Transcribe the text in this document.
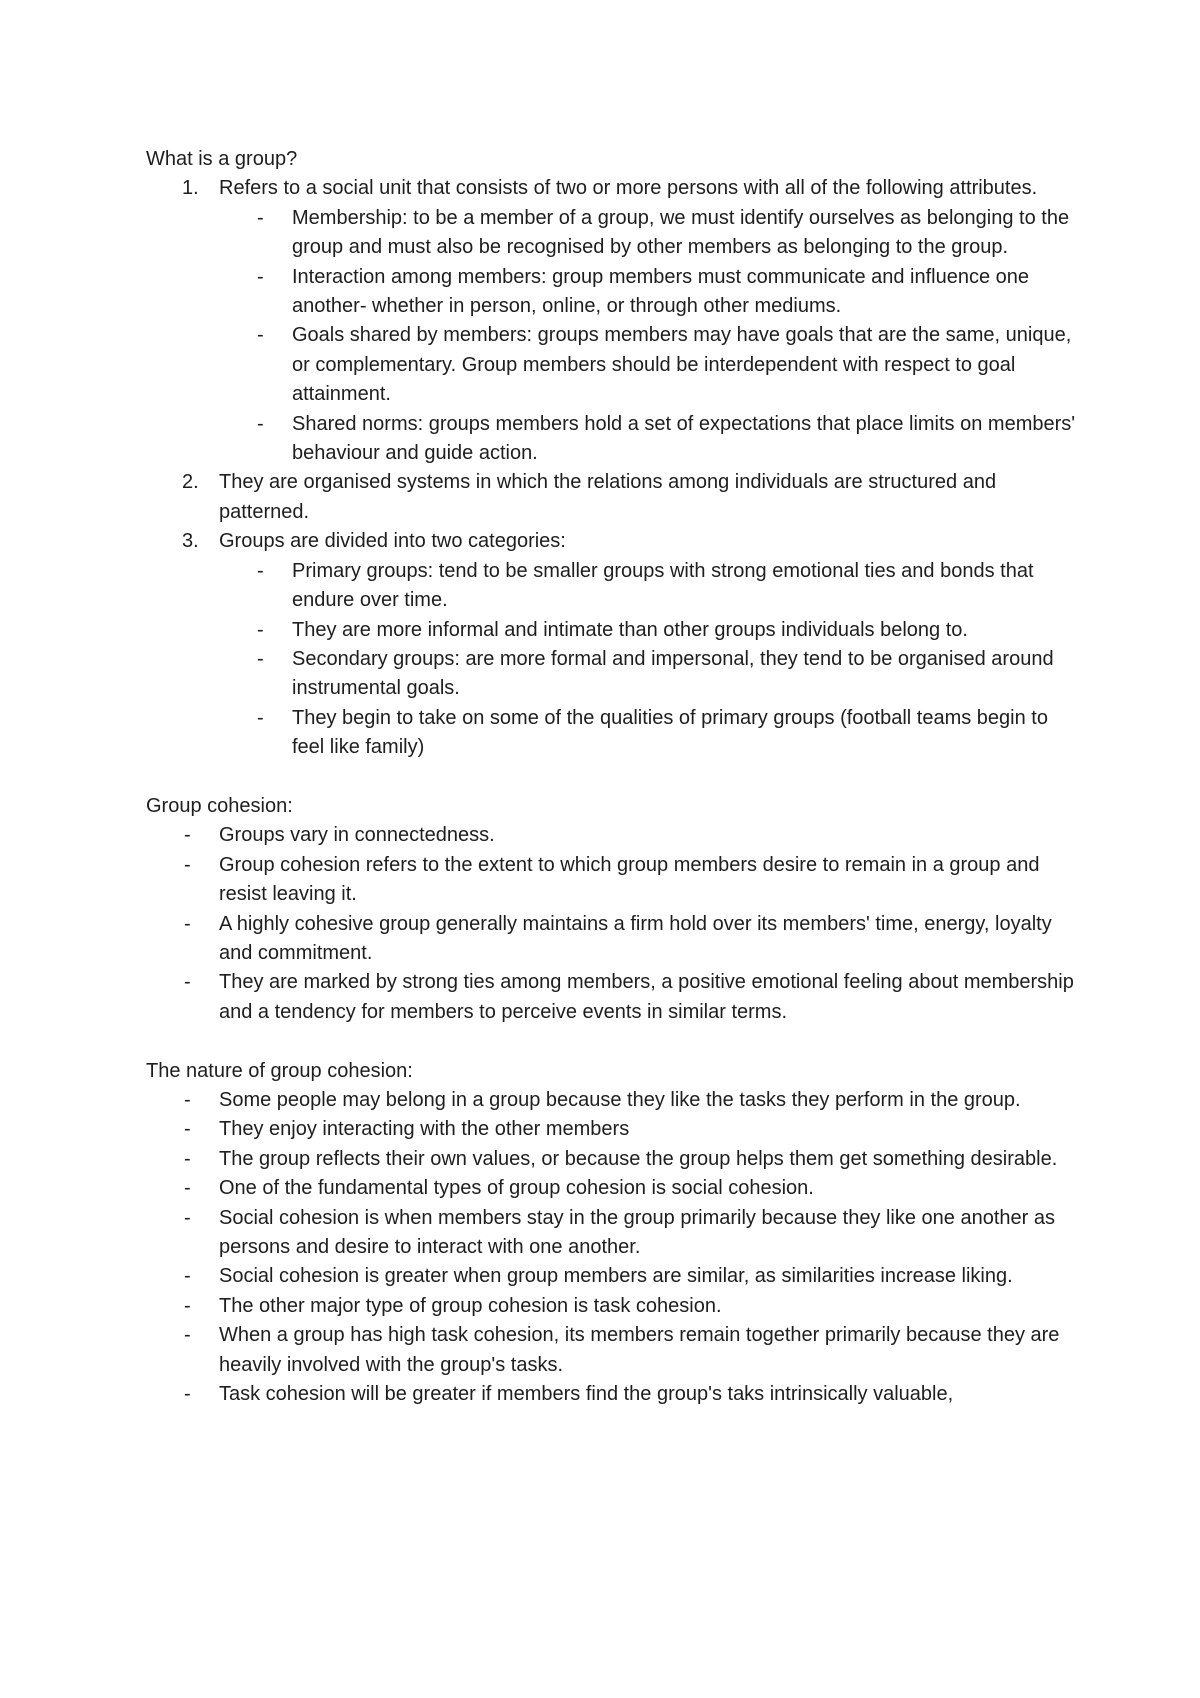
What is a group?
1. Refers to a social unit that consists of two or more persons with all of the following attributes.
- Membership: to be a member of a group, we must identify ourselves as belonging to the group and must also be recognised by other members as belonging to the group.
- Interaction among members: group members must communicate and influence one another- whether in person, online, or through other mediums.
- Goals shared by members: groups members may have goals that are the same, unique, or complementary. Group members should be interdependent with respect to goal attainment.
- Shared norms: groups members hold a set of expectations that place limits on members' behaviour and guide action.
2. They are organised systems in which the relations among individuals are structured and patterned.
3. Groups are divided into two categories:
- Primary groups: tend to be smaller groups with strong emotional ties and bonds that endure over time.
- They are more informal and intimate than other groups individuals belong to.
- Secondary groups: are more formal and impersonal, they tend to be organised around instrumental goals.
- They begin to take on some of the qualities of primary groups (football teams begin to feel like family)
Group cohesion:
- Groups vary in connectedness.
- Group cohesion refers to the extent to which group members desire to remain in a group and resist leaving it.
- A highly cohesive group generally maintains a firm hold over its members' time, energy, loyalty and commitment.
- They are marked by strong ties among members, a positive emotional feeling about membership and a tendency for members to perceive events in similar terms.
The nature of group cohesion:
- Some people may belong in a group because they like the tasks they perform in the group.
- They enjoy interacting with the other members
- The group reflects their own values, or because the group helps them get something desirable.
- One of the fundamental types of group cohesion is social cohesion.
- Social cohesion is when members stay in the group primarily because they like one another as persons and desire to interact with one another.
- Social cohesion is greater when group members are similar, as similarities increase liking.
- The other major type of group cohesion is task cohesion.
- When a group has high task cohesion, its members remain together primarily because they are heavily involved with the group's tasks.
- Task cohesion will be greater if members find the group's taks intrinsically valuable,
